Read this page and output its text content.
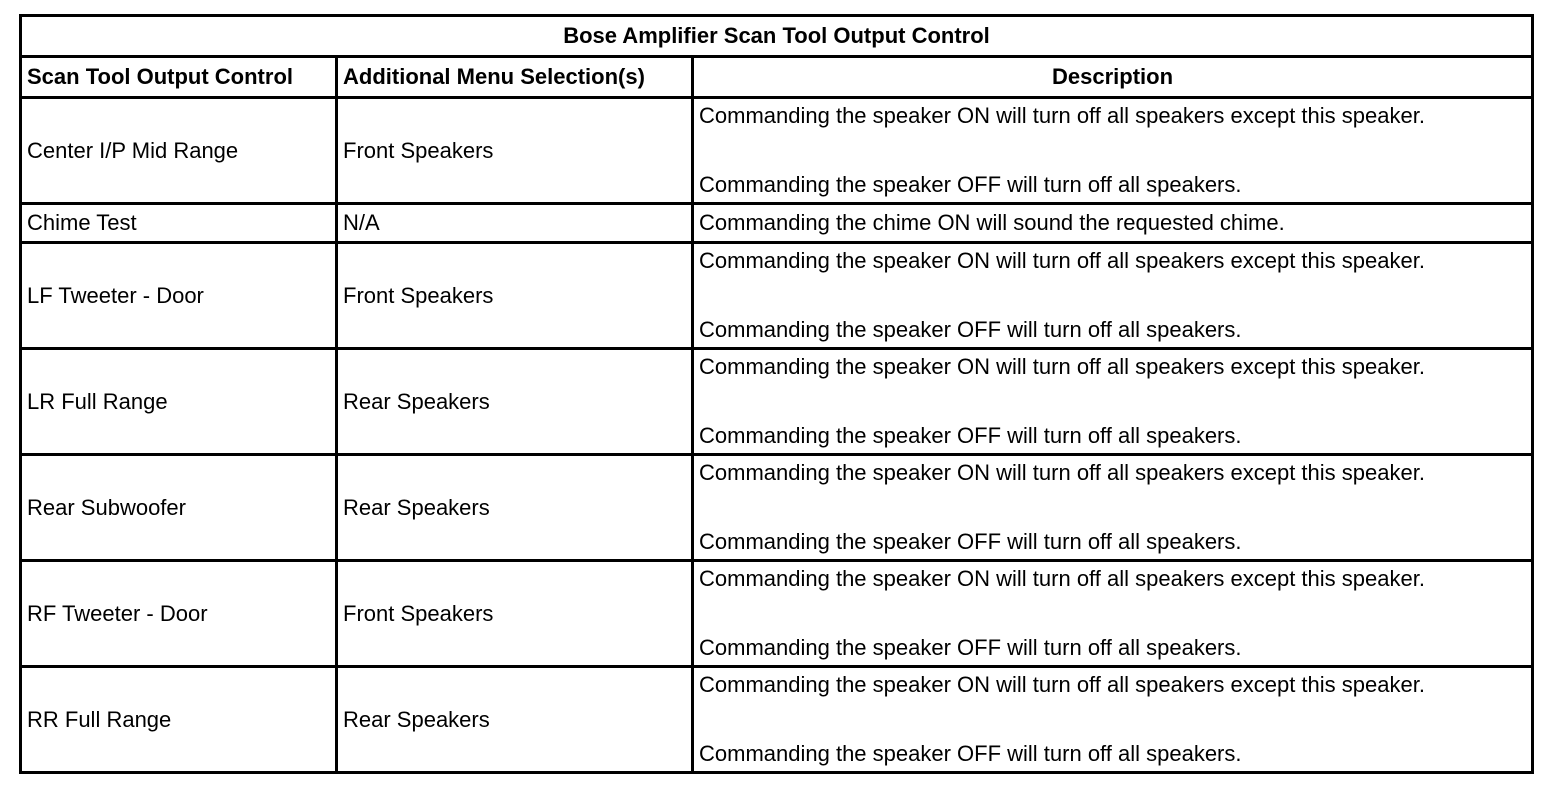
Bose Amplifier Scan Tool Output Control		
Scan Tool Output Control	Additional Menu Selection(s)	Description
Center I/P Mid Range	Front Speakers	Commanding the speaker ON will turn off all speakers except this speaker.
Commanding the speaker OFF will turn off all speakers.

Chime Test	N/A	Commanding the chime ON will sound the requested chime.

LF Tweeter - Door	Front Speakers	Commanding the speaker ON will turn off all speakers except this speaker.
Commanding the speaker OFF will turn off all speakers.

LR Full Range	Rear Speakers	Commanding the speaker ON will turn off all speakers except this speaker.
Commanding the speaker OFF will turn off all speakers.

Rear Subwoofer	Rear Speakers	Commanding the speaker ON will turn off all speakers except this speaker.
Commanding the speaker OFF will turn off all speakers.

RF Tweeter - Door	Front Speakers	Commanding the speaker ON will turn off all speakers except this speaker.
Commanding the speaker OFF will turn off all speakers.

RR Full Range	Rear Speakers	Commanding the speaker ON will turn off all speakers except this speaker.
Commanding the speaker OFF will turn off all speakers.
